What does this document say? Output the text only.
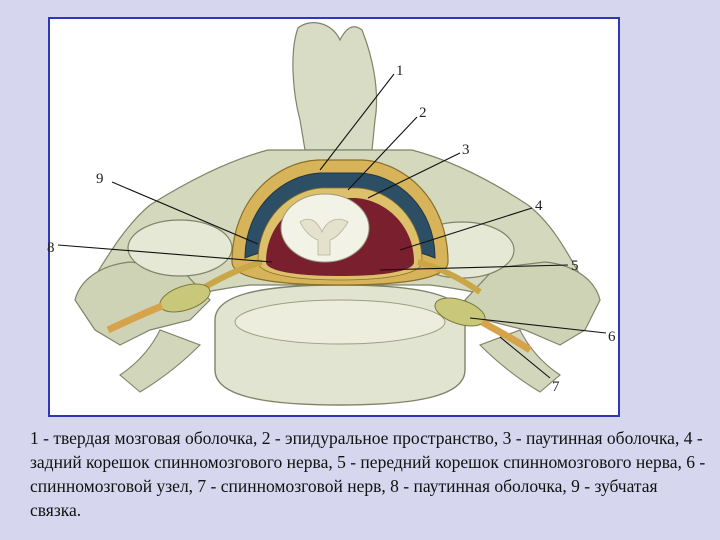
1
2
3
4
5
6
7
8
9
1 - твердая мозговая оболочка, 2 - эпидуральное пространство, 3 - паутинная оболочка, 4 - задний корешок спинномозгового нерва, 5 - передний корешок спинномозгового нерва, 6 - спинномозговой узел, 7 - спинномозговой нерв, 8 - паутинная оболочка, 9 - зубчатая связка.
